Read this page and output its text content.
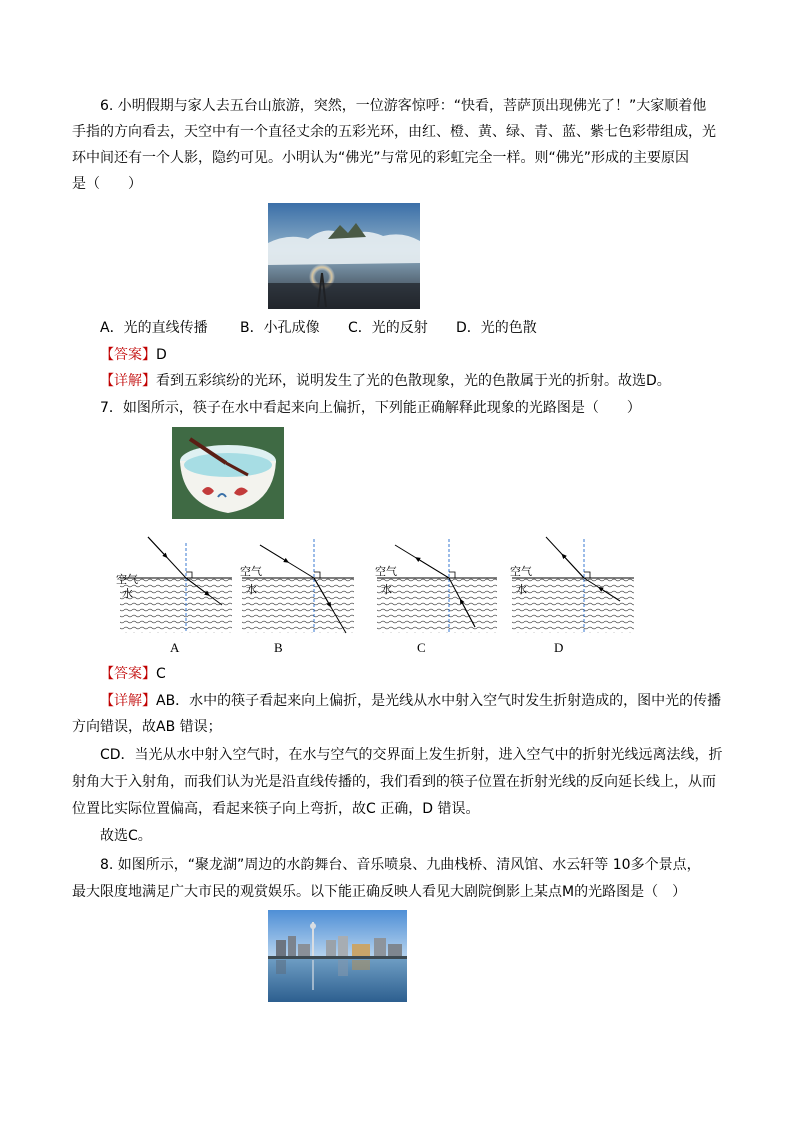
6. 小明假期与家人去五台山旅游，突然，一位游客惊呼：“快看，菩萨顶出现佛光了！”大家顺着他
手指的方向看去，天空中有一个直径丈余的五彩光环，由红、橙、黄、绿、青、蓝、紫七色彩带组成，光
环中间还有一个人影，隐约可见。小明认为“佛光”与常见的彩虹完全一样。则“佛光”形成的主要原因
是（　　）
A．光的直线传播 B．小孔成像 C．光的反射 D．光的色散
【答案】D
【详解】看到五彩缤纷的光环，说明发生了光的色散现象，光的色散属于光的折射。故选D。
7．如图所示，筷子在水中看起来向上偏折，下列能正确解释此现象的光路图是（　　）
空气
水
空气
水
空气
水
空气
水
A	B	C	D
【答案】C
【详解】AB．水中的筷子看起来向上偏折，是光线从水中射入空气时发生折射造成的，图中光的传播
方向错误，故AB 错误；
CD．当光从水中射入空气时，在水与空气的交界面上发生折射，进入空气中的折射光线远离法线，折
射角大于入射角，而我们认为光是沿直线传播的，我们看到的筷子位置在折射光线的反向延长线上，从而
位置比实际位置偏高，看起来筷子向上弯折，故C 正确，D 错误。
故选C。
8. 如图所示，“聚龙湖”周边的水韵舞台、音乐喷泉、九曲栈桥、清风馆、水云轩等 10多个景点，
最大限度地满足广大市民的观赏娱乐。以下能正确反映人看见大剧院倒影上某点M的光路图是（　）
